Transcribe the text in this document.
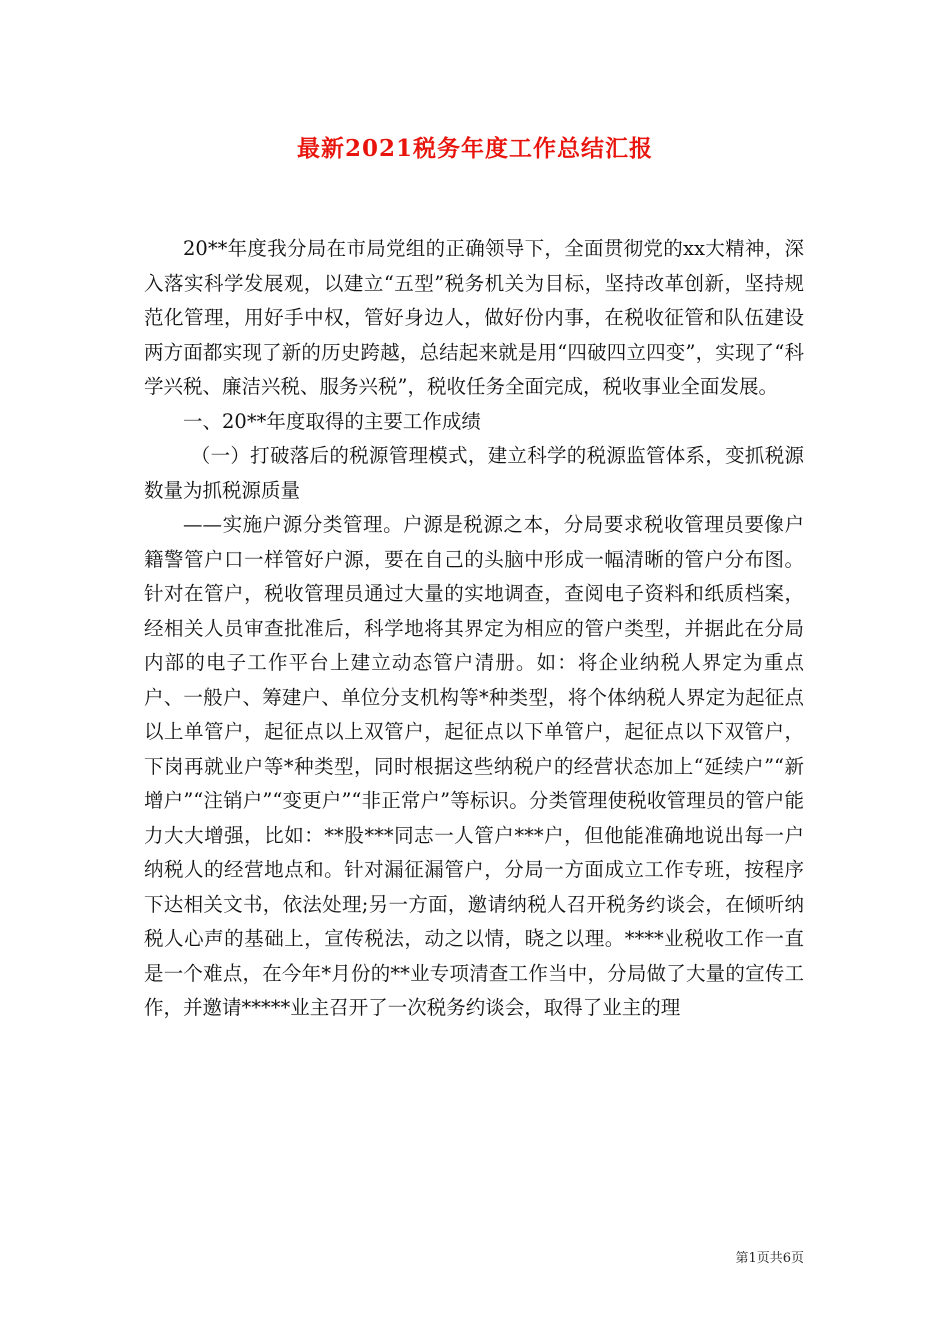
最新2021税务年度工作总结汇报

20**年度我分局在市局党组的正确领导下，全面贯彻党的xx大精神，深入落实科学发展观，以建立“五型”税务机关为目标，坚持改革创新，坚持规范化管理，用好手中权，管好身边人，做好份内事，在税收征管和队伍建设两方面都实现了新的历史跨越，总结起来就是用“四破四立四变”，实现了“科学兴税、廉洁兴税、服务兴税”，税收任务全面完成，税收事业全面发展。

一、20**年度取得的主要工作成绩

（一）打破落后的税源管理模式，建立科学的税源监管体系，变抓税源数量为抓税源质量

——实施户源分类管理。户源是税源之本，分局要求税收管理员要像户籍警管户口一样管好户源，要在自己的头脑中形成一幅清晰的管户分布图。针对在管户，税收管理员通过大量的实地调查，查阅电子资料和纸质档案，经相关人员审查批准后，科学地将其界定为相应的管户类型，并据此在分局内部的电子工作平台上建立动态管户清册。如：将企业纳税人界定为重点户、一般户、筹建户、单位分支机构等*种类型，将个体纳税人界定为起征点以上单管户，起征点以上双管户，起征点以下单管户，起征点以下双管户，下岗再就业户等*种类型，同时根据这些纳税户的经营状态加上“延续户”“新增户”“注销户”“变更户”“非正常户”等标识。分类管理使税收管理员的管户能力大大增强，比如：**股***同志一人管户***户，但他能准确地说出每一户纳税人的经营地点和。针对漏征漏管户，分局一方面成立工作专班，按程序下达相关文书，依法处理;另一方面，邀请纳税人召开税务约谈会，在倾听纳税人心声的基础上，宣传税法，动之以情，晓之以理。****业税收工作一直是一个难点，在今年*月份的**业专项清查工作当中，分局做了大量的宣传工作，并邀请*****业主召开了一次税务约谈会，取得了业主的理

第1页共6页
